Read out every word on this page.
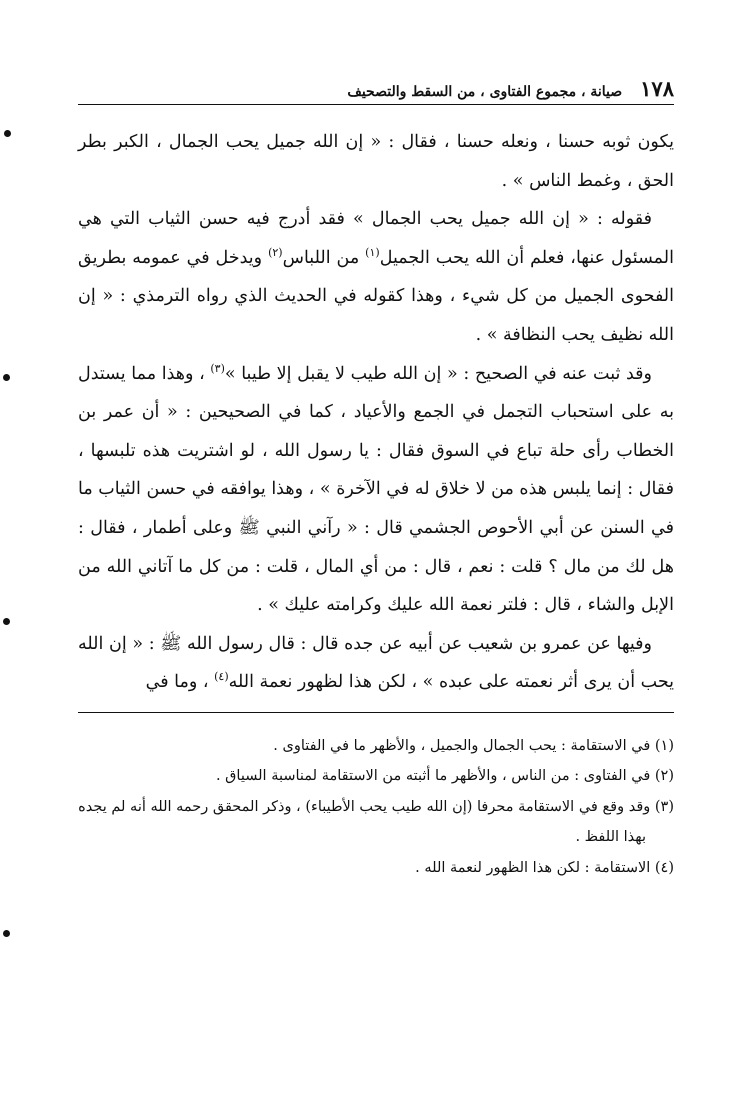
١٧٨
صيانة ، مجموع الفتاوى ، من السقط والتصحيف

يكون ثوبه حسنا ، ونعله حسنا ، فقال : « إن الله جميل يحب الجمال ، الكبر بطر الحق ، وغمط الناس » .

فقوله : « إن الله جميل يحب الجمال » فقد أدرج فيه حسن الثياب التي هي المسئول عنها، فعلم أن الله يحب الجميل$^{(١)}$ من اللباس$^{(٢)}$ ويدخل في عمومه بطريق الفحوى الجميل من كل شيء ، وهذا كقوله في الحديث الذي رواه الترمذي : « إن الله نظيف يحب النظافة » .

وقد ثبت عنه في الصحيح : « إن الله طيب لا يقبل إلا طيبا »$^{(٣)}$ ، وهذا مما يستدل به على استحباب التجمل في الجمع والأعياد ، كما في الصحيحين : « أن عمر بن الخطاب رأى حلة تباع في السوق فقال : يا رسول الله ، لو اشتريت هذه تلبسها ، فقال : إنما يلبس هذه من لا خلاق له في الآخرة » ، وهذا يوافقه في حسن الثياب ما في السنن عن أبي الأحوص الجشمي قال : « رآني النبي ﷺ وعلى أطمار ، فقال : هل لك من مال ؟ قلت : نعم ، قال : من أي المال ، قلت : من كل ما آتاني الله من الإبل والشاء ، قال : فلتر نعمة الله عليك وكرامته عليك » .

وفيها عن عمرو بن شعيب عن أبيه عن جده قال : قال رسول الله ﷺ : « إن الله يحب أن يرى أثر نعمته على عبده » ، لكن هذا لظهور نعمة الله$^{(٤)}$ ، وما في

(١) في الاستقامة : يحب الجمال والجميل ، والأظهر ما في الفتاوى .

(٢) في الفتاوى : من الناس ، والأظهر ما أثبته من الاستقامة لمناسبة السياق .

(٣) وقد وقع في الاستقامة محرفا (إن الله طيب يحب الأطيباء) ، وذكر المحقق رحمه الله أنه لم يجده بهذا اللفظ .

(٤) الاستقامة : لكن هذا الظهور لنعمة الله .
